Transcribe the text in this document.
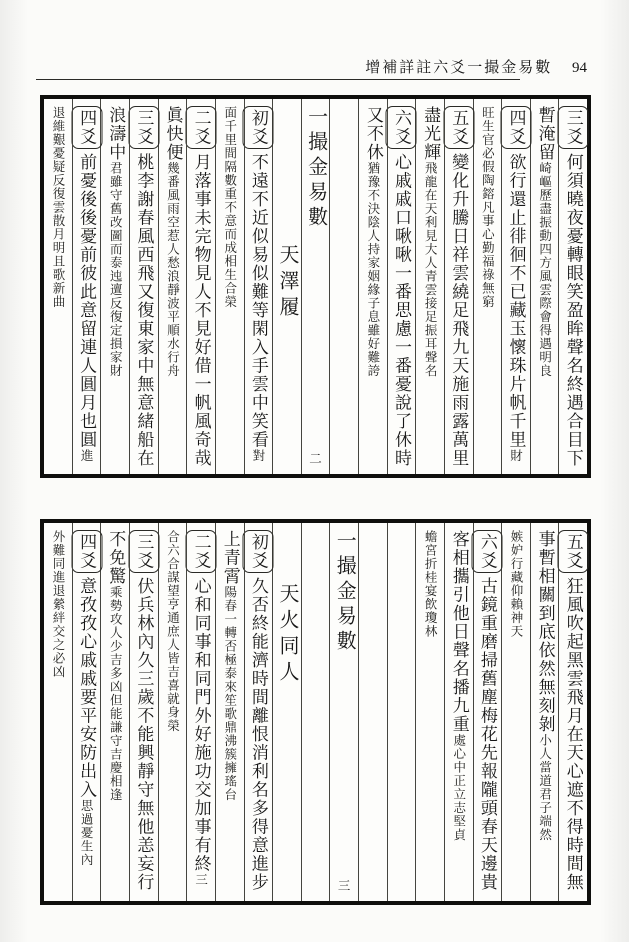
增補詳註六爻一撮金易數 94
三爻何須曉夜憂轉眼笑盈眸聲名終遇合目下
暫淹留崎嶇歷盡振動四方風雲際會得遇明良
四爻欲行還止徘徊不已藏玉懷珠片帆千里財
旺生官必假陶鎔凡事心勤福祿無窮
五爻變化升騰日祥雲繞足飛九天施雨露萬里
盡光輝飛龍在天利見大人青雲接足振耳聲名
六爻心戚戚口啾啾一番思慮一番憂說了休時
又不休猶豫不決陰人持家姻緣子息雖好難誇
一撮金易數
二
天澤履
初爻不遠不近似易似難等閑入手雲中笑看對
面千里間隔數重不意而成相生合榮
二爻月落事未完物見人不見好借一帆風奇哉
眞快便幾番風雨空惹人愁浪靜波平順水行舟
三爻桃李謝春風西飛又復東家中無意緒船在
浪濤中君雖守舊改圖而泰迍邅反復定損家財
四爻前憂後後憂前彼此意留連人圓月也圓進
退維艱憂疑反復雲散月明且歌新曲
五爻狂風吹起黑雲飛月在天心遮不得時間無
事暫相關到底依然無刻剝小人當道君子端然
嫉妒行藏仰賴神天
六爻古鏡重磨掃舊塵梅花先報隴頭春天邊貴
客相攜引他日聲名播九重處心中正立志堅貞
蟾宮折桂宴飲瓊林
一撮金易數
三
天火同人
初爻久否終能濟時間離恨消利名多得意進步
上青霄陽春一轉否極泰來笙歌鼎沸簇擁瑤台
二爻心和同事和同門外好施功交加事有終三
合六合謀望亨通庶人皆吉喜就身榮
三爻伏兵林內久三歲不能興靜守無他恙妄行
不免驚乘勢攻人少吉多凶但能謙守吉慶相逢
四爻意孜孜心戚戚要平安防出入思過憂生內
外難同進退縈絆交之必凶
